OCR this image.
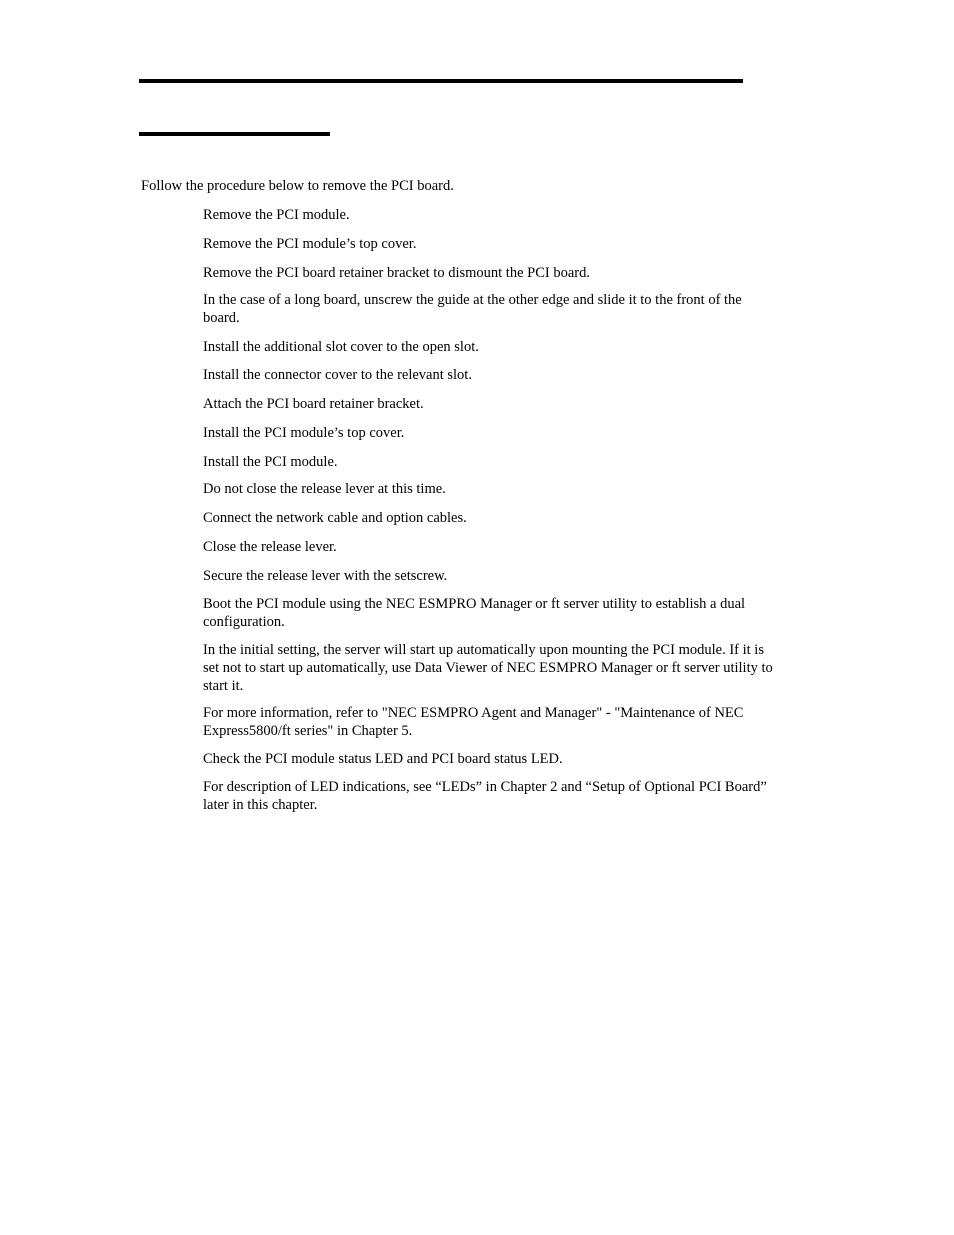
Follow the procedure below to remove the PCI board.
Remove the PCI module.
Remove the PCI module’s top cover.
Remove the PCI board retainer bracket to dismount the PCI board.
In the case of a long board, unscrew the guide at the other edge and slide it to the front of the board.
Install the additional slot cover to the open slot.
Install the connector cover to the relevant slot.
Attach the PCI board retainer bracket.
Install the PCI module’s top cover.
Install the PCI module.
Do not close the release lever at this time.
Connect the network cable and option cables.
Close the release lever.
Secure the release lever with the setscrew.
Boot the PCI module using the NEC ESMPRO Manager or ft server utility to establish a dual configuration.
In the initial setting, the server will start up automatically upon mounting the PCI module. If it is set not to start up automatically, use Data Viewer of NEC ESMPRO Manager or ft server utility to start it.
For more information, refer to "NEC ESMPRO Agent and Manager" - "Maintenance of NEC Express5800/ft series" in Chapter 5.
Check the PCI module status LED and PCI board status LED.
For description of LED indications, see “LEDs” in Chapter 2 and “Setup of Optional PCI Board” later in this chapter.
